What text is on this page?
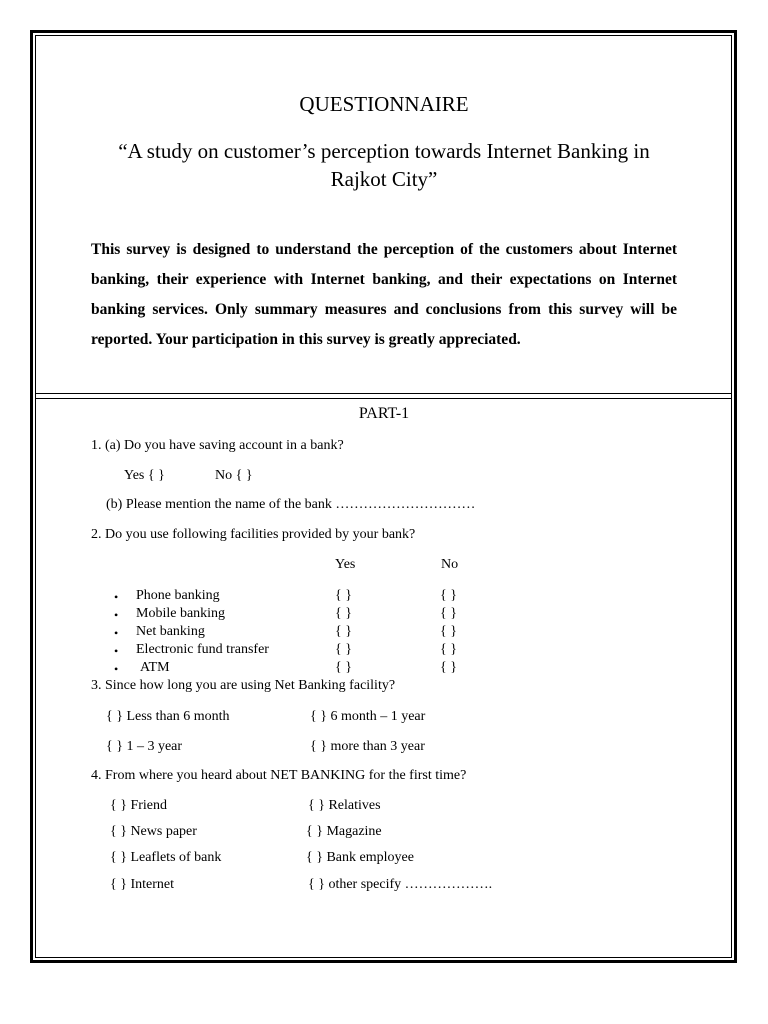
QUESTIONNAIRE
“A study on customer’s perception towards Internet Banking in
Rajkot City”
This survey is designed to understand the perception of the customers about Internet banking, their experience with Internet banking, and their expectations on Internet banking services. Only summary measures and conclusions from this survey will be reported. Your participation in this survey is greatly appreciated.
PART-1
1. (a) Do you have saving account in a bank?
Yes { }	No { }
(b) Please mention the name of the bank …………………………
2. Do you use following facilities provided by your bank?
Yes	No
• Phone banking	{ }	{ }
• Mobile banking	{ }	{ }
• Net banking	{ }	{ }
• Electronic fund transfer	{ }	{ }
• ATM	{ }	{ }
3. Since how long you are using Net Banking facility?
{ } Less than 6 month	{ } 6 month – 1 year
{ } 1 – 3 year	{ } more than 3 year
4. From where you heard about NET BANKING for the first time?
{ } Friend	{ } Relatives
{ } News paper	{ } Magazine
{ } Leaflets of bank	{ } Bank employee
{ } Internet	{ } other specify ……………….
